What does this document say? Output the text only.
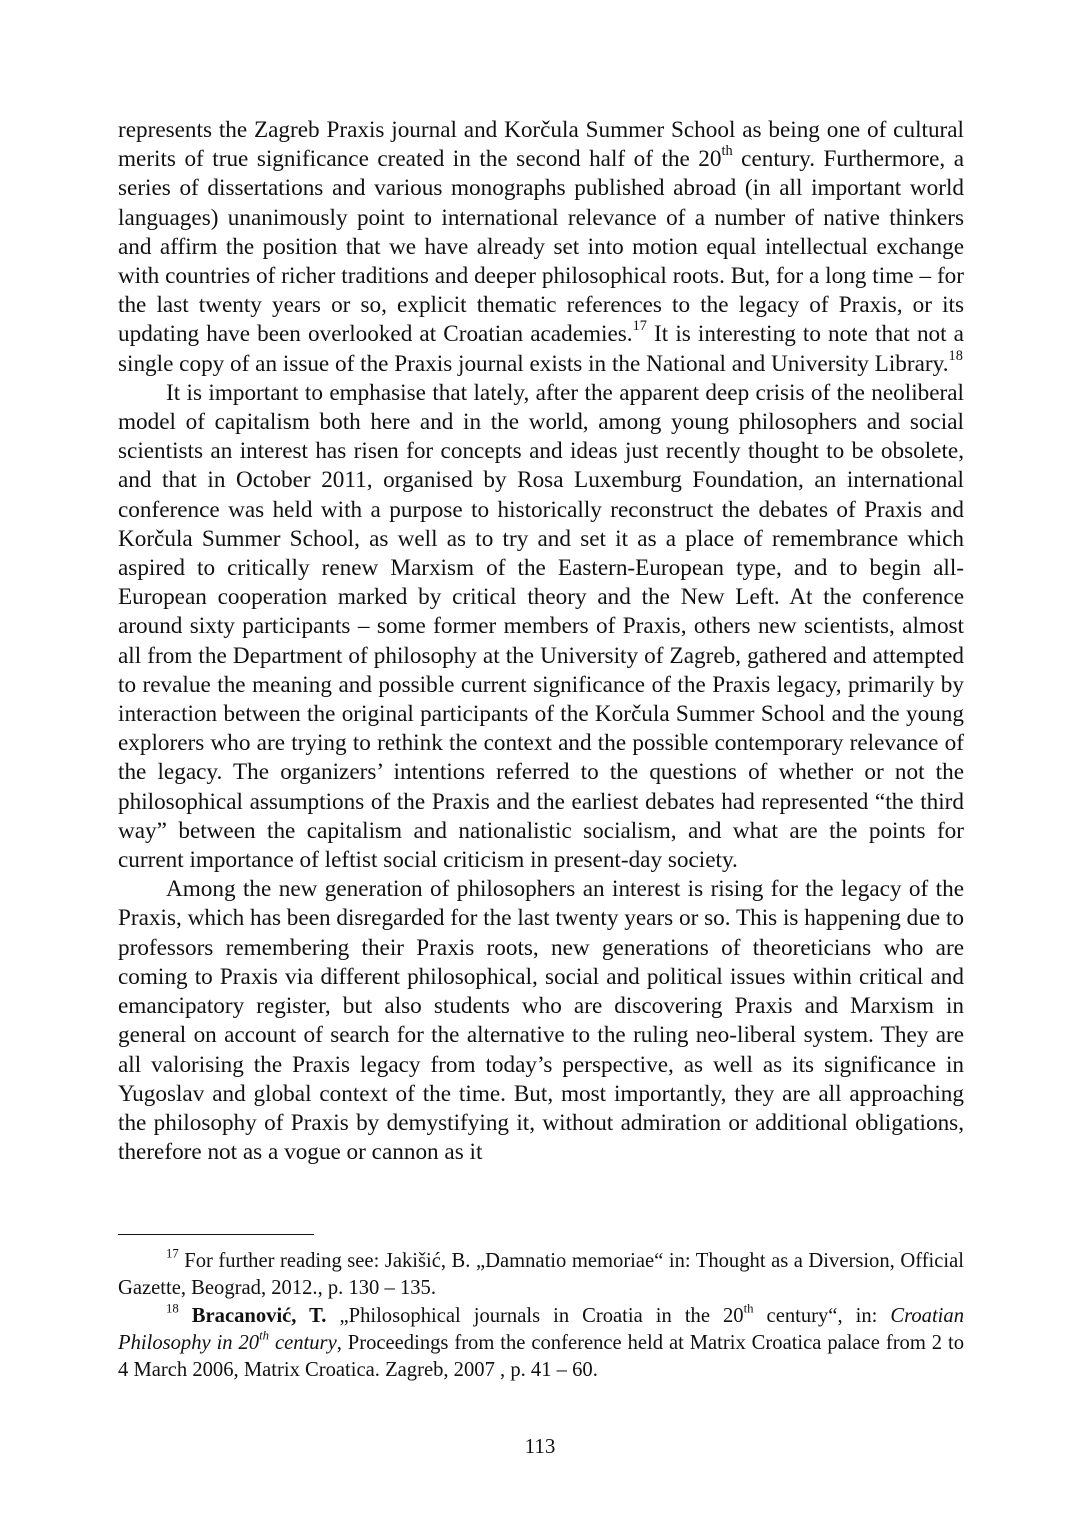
represents the Zagreb Praxis journal and Korčula Summer School as being one of cultural merits of true significance created in the second half of the 20th century. Furthermore, a series of dissertations and various monographs published abroad (in all important world languages) unanimously point to international relevance of a number of native thinkers and affirm the position that we have already set into motion equal intellectual exchange with countries of richer traditions and deeper philosophical roots. But, for a long time – for the last twenty years or so, explicit thematic references to the legacy of Praxis, or its updating have been overlooked at Croatian academies.$^{17}$ It is interesting to note that not a single copy of an issue of the Praxis journal exists in the National and University Library.$^{18}$

It is important to emphasise that lately, after the apparent deep crisis of the neoliberal model of capitalism both here and in the world, among young philosophers and social scientists an interest has risen for concepts and ideas just recently thought to be obsolete, and that in October 2011, organised by Rosa Luxemburg Foundation, an international conference was held with a purpose to historically reconstruct the debates of Praxis and Korčula Summer School, as well as to try and set it as a place of remembrance which aspired to critically renew Marxism of the Eastern-European type, and to begin all-European cooperation marked by critical theory and the New Left. At the conference around sixty participants – some former members of Praxis, others new scientists, almost all from the Department of philosophy at the University of Zagreb, gathered and attempted to revalue the meaning and possible current significance of the Praxis legacy, primarily by interaction between the original participants of the Korčula Summer School and the young explorers who are trying to rethink the context and the possible contemporary relevance of the legacy. The organizers’ intentions referred to the questions of whether or not the philosophical assumptions of the Praxis and the earliest debates had represented “the third way” between the capitalism and nationalistic socialism, and what are the points for current importance of leftist social criticism in present-day society.

Among the new generation of philosophers an interest is rising for the legacy of the Praxis, which has been disregarded for the last twenty years or so. This is happening due to professors remembering their Praxis roots, new generations of theoreticians who are coming to Praxis via different philosophical, social and political issues within critical and emancipatory register, but also students who are discovering Praxis and Marxism in general on account of search for the alternative to the ruling neo-liberal system. They are all valorising the Praxis legacy from today’s perspective, as well as its significance in Yugoslav and global context of the time. But, most importantly, they are all approaching the philosophy of Praxis by demystifying it, without admiration or additional obligations, therefore not as a vogue or cannon as it

$^{17}$ For further reading see: Jakišić, B. „Damnatio memoriae“ in: Thought as a Diversion, Official Gazette, Beograd, 2012., p. 130 – 135.

$^{18}$ Bracanović, T. „Philosophical journals in Croatia in the 20th century“, in: Croatian Philosophy in 20th century, Proceedings from the conference held at Matrix Croatica palace from 2 to 4 March 2006, Matrix Croatica. Zagreb, 2007 , p. 41 – 60.

113
